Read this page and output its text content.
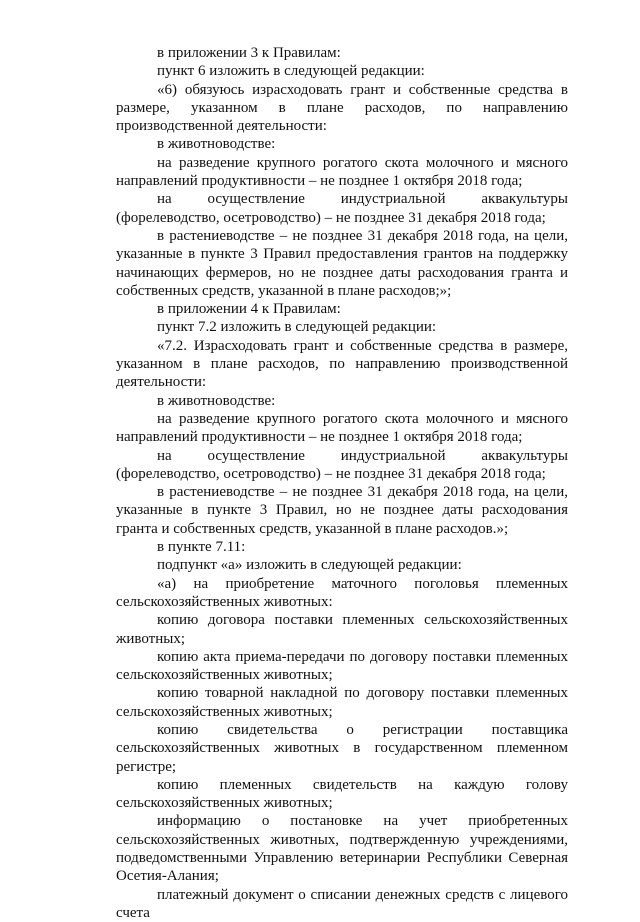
в приложении 3 к Правилам:

пункт 6 изложить в следующей редакции:

«6) обязуюсь израсходовать грант и собственные средства в размере, указанном в плане расходов, по направлению производственной деятельности:

в животноводстве:

на разведение крупного рогатого скота молочного и мясного направлений продуктивности – не позднее 1 октября 2018 года;

на осуществление индустриальной аквакультуры (форелеводство, осетроводство) – не позднее 31 декабря 2018 года;

в растениеводстве – не позднее 31 декабря 2018 года, на цели, указанные в пункте 3 Правил предоставления грантов на поддержку начинающих фермеров, но не позднее даты расходования гранта и собственных средств, указанной в плане расходов;»;

в приложении 4 к Правилам:

пункт 7.2 изложить в следующей редакции:

«7.2. Израсходовать грант и собственные средства в размере, указанном в плане расходов, по направлению производственной деятельности:

в животноводстве:

на разведение крупного рогатого скота молочного и мясного направлений продуктивности – не позднее 1 октября 2018 года;

на осуществление индустриальной аквакультуры (форелеводство, осетроводство) – не позднее 31 декабря 2018 года;

в растениеводстве – не позднее 31 декабря 2018 года, на цели, указанные в пункте 3 Правил, но не позднее даты расходования гранта и собственных средств, указанной в плане расходов.»;

в пункте 7.11:

подпункт «а» изложить в следующей редакции:

«а) на приобретение маточного поголовья племенных сельскохозяйственных животных:

копию договора поставки племенных сельскохозяйственных животных;

копию акта приема-передачи по договору поставки племенных сельскохозяйственных животных;

копию товарной накладной по договору поставки племенных сельскохозяйственных животных;

копию свидетельства о регистрации поставщика сельскохозяйственных животных в государственном племенном регистре;

копию племенных свидетельств на каждую голову сельскохозяйственных животных;

информацию о постановке на учет приобретенных сельскохозяйственных животных, подтвержденную учреждениями, подведомственными Управлению ветеринарии Республики Северная Осетия-Алания;

платежный документ о списании денежных средств с лицевого счета
